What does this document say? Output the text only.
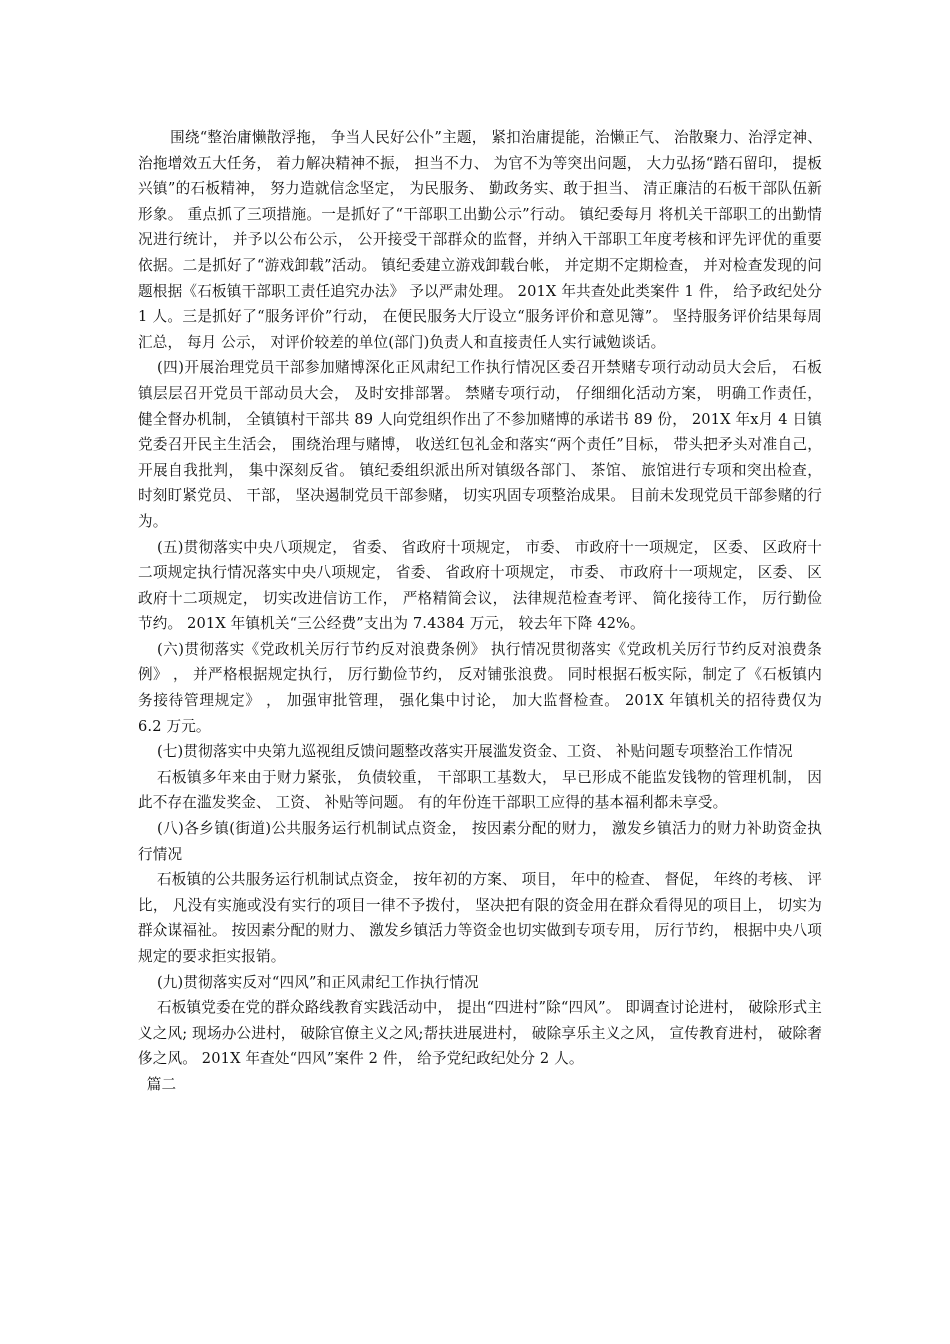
围绕“整治庸懒散浮拖， 争当人民好公仆”主题， 紧扣治庸提能，治懒正气、 治散聚力、治浮定神、 治拖增效五大任务， 着力解决精神不振， 担当不力、 为官不为等突出问题， 大力弘扬“踏石留印， 提板兴镇”的石板精神， 努力造就信念坚定， 为民服务、 勤政务实、敢于担当、 清正廉洁的石板干部队伍新形象。 重点抓了三项措施。一是抓好了“干部职工出勤公示”行动。 镇纪委每月 将机关干部职工的出勤情况进行统计， 并予以公布公示， 公开接受干部群众的监督，并纳入干部职工年度考核和评先评优的重要依据。二是抓好了“游戏卸载”活动。 镇纪委建立游戏卸载台帐， 并定期不定期检查， 并对检查发现的问题根据《石板镇干部职工责任追究办法》 予以严肃处理。 201X 年共查处此类案件 1 件， 给予政纪处分 1 人。三是抓好了“服务评价”行动， 在便民服务大厅设立“服务评价和意见簿”。 坚持服务评价结果每周汇总， 每月 公示， 对评价较差的单位(部门)负责人和直接责任人实行诫勉谈话。

(四)开展治理党员干部参加赌博深化正风肃纪工作执行情况区委召开禁赌专项行动动员大会后， 石板镇层层召开党员干部动员大会， 及时安排部署。 禁赌专项行动， 仔细细化活动方案， 明确工作责任， 健全督办机制， 全镇镇村干部共 89 人向党组织作出了不参加赌博的承诺书 89 份， 201X 年x月 4 日镇党委召开民主生活会， 围绕治理与赌博， 收送红包礼金和落实“两个责任”目标， 带头把矛头对准自己， 开展自我批判， 集中深刻反省。 镇纪委组织派出所对镇级各部门、 茶馆、 旅馆进行专项和突出检查， 时刻盯紧党员、 干部， 坚决遏制党员干部参赌， 切实巩固专项整治成果。 目前未发现党员干部参赌的行为。

(五)贯彻落实中央八项规定， 省委、 省政府十项规定， 市委、 市政府十一项规定， 区委、 区政府十二项规定执行情况落实中央八项规定， 省委、 省政府十项规定， 市委、 市政府十一项规定， 区委、 区政府十二项规定， 切实改进信访工作， 严格精简会议， 法律规范检查考评、 简化接待工作， 厉行勤俭节约。 201X 年镇机关“三公经费”支出为 7.4384 万元， 较去年下降 42%。

(六)贯彻落实《党政机关厉行节约反对浪费条例》 执行情况贯彻落实《党政机关厉行节约反对浪费条例》 ， 并严格根据规定执行， 厉行勤俭节约， 反对铺张浪费。 同时根据石板实际，制定了《石板镇内务接待管理规定》 ， 加强审批管理， 强化集中讨论， 加大监督检查。 201X 年镇机关的招待费仅为 6.2 万元。

(七)贯彻落实中央第九巡视组反馈问题整改落实开展滥发资金、工资、 补贴问题专项整治工作情况

石板镇多年来由于财力紧张， 负债较重， 干部职工基数大， 早已形成不能监发钱物的管理机制， 因此不存在滥发奖金、 工资、 补贴等问题。 有的年份连干部职工应得的基本福利都未享受。

(八)各乡镇(街道)公共服务运行机制试点资金， 按因素分配的财力， 激发乡镇活力的财力补助资金执行情况

石板镇的公共服务运行机制试点资金， 按年初的方案、 项目， 年中的检查、 督促， 年终的考核、 评比， 凡没有实施或没有实行的项目一律不予拨付， 坚决把有限的资金用在群众看得见的项目上， 切实为群众谋福祉。 按因素分配的财力、 激发乡镇活力等资金也切实做到专项专用， 厉行节约， 根据中央八项规定的要求拒实报销。

(九)贯彻落实反对“四风”和正风肃纪工作执行情况

石板镇党委在党的群众路线教育实践活动中， 提出“四进村”除“四风”。 即调查讨论进村， 破除形式主义之风; 现场办公进村， 破除官僚主义之风;帮扶进展进村， 破除享乐主义之风， 宣传教育进村， 破除奢侈之风。 201X 年查处“四风”案件 2 件， 给予党纪政纪处分 2 人。

篇二
